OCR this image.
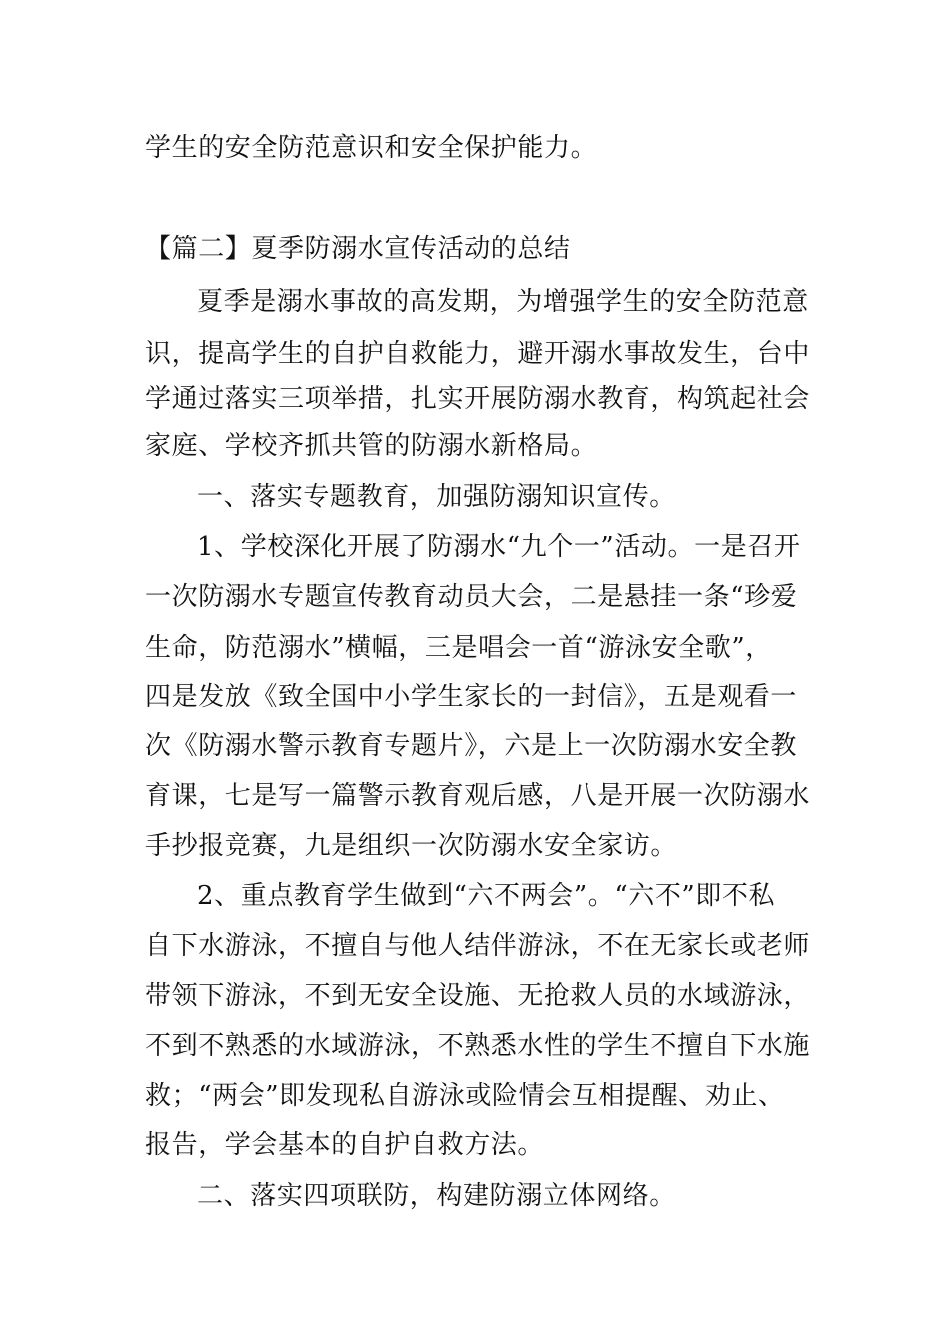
学生的安全防范意识和安全保护能力。
【篇二】夏季防溺水宣传活动的总结
夏季是溺水事故的高发期，为增强学生的安全防范意
识，提高学生的自护自救能力，避开溺水事故发生，台中
学通过落实三项举措，扎实开展防溺水教育，构筑起社会
家庭、学校齐抓共管的防溺水新格局。
一、落实专题教育，加强防溺知识宣传。
1、学校深化开展了防溺水“九个一”活动。一是召开
一次防溺水专题宣传教育动员大会，二是悬挂一条“珍爱
生命，防范溺水”横幅，三是唱会一首“游泳安全歌”，
四是发放《致全国中小学生家长的一封信》，五是观看一
次《防溺水警示教育专题片》，六是上一次防溺水安全教
育课，七是写一篇警示教育观后感，八是开展一次防溺水
手抄报竞赛，九是组织一次防溺水安全家访。
2、重点教育学生做到“六不两会”。“六不”即不私
自下水游泳，不擅自与他人结伴游泳，不在无家长或老师
带领下游泳，不到无安全设施、无抢救人员的水域游泳，
不到不熟悉的水域游泳，不熟悉水性的学生不擅自下水施
救；“两会”即发现私自游泳或险情会互相提醒、劝止、
报告，学会基本的自护自救方法。
二、落实四项联防，构建防溺立体网络。
